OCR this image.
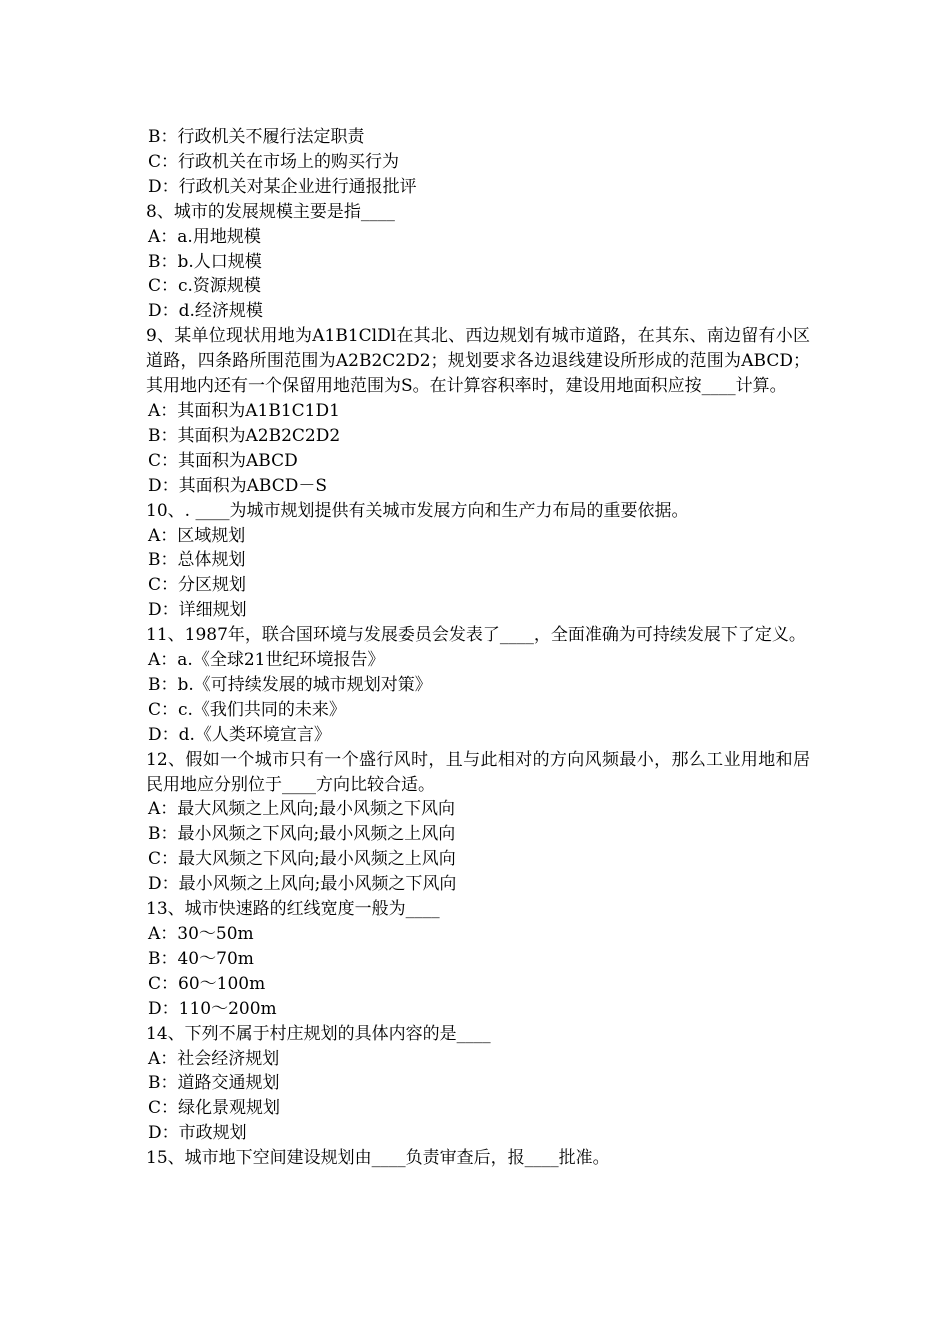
B：行政机关不履行法定职责
C：行政机关在市场上的购买行为
D：行政机关对某企业进行通报批评
8、城市的发展规模主要是指____
A：a.用地规模
B：b.人口规模
C：c.资源规模
D：d.经济规模
9、某单位现状用地为A1B1ClDl在其北、西边规划有城市道路，在其东、南边留有小区道路，四条路所围范围为A2B2C2D2；规划要求各边退线建设所形成的范围为ABCD；其用地内还有一个保留用地范围为S。在计算容积率时，建设用地面积应按____计算。
A：其面积为A1B1C1D1
B：其面积为A2B2C2D2
C：其面积为ABCD
D：其面积为ABCD－S
10、. ____为城市规划提供有关城市发展方向和生产力布局的重要依据。
A：区域规划
B：总体规划
C：分区规划
D：详细规划
11、1987年，联合国环境与发展委员会发表了____，全面准确为可持续发展下了定义。
A：a.《全球21世纪环境报告》
B：b.《可持续发展的城市规划对策》
C：c.《我们共同的未来》
D：d.《人类环境宣言》
12、假如一个城市只有一个盛行风时，且与此相对的方向风频最小，那么工业用地和居民用地应分别位于____方向比较合适。
A：最大风频之上风向;最小风频之下风向
B：最小风频之下风向;最小风频之上风向
C：最大风频之下风向;最小风频之上风向
D：最小风频之上风向;最小风频之下风向
13、城市快速路的红线宽度一般为____
A：30～50m
B：40～70m
C：60～100m
D：110～200m
14、下列不属于村庄规划的具体内容的是____
A：社会经济规划
B：道路交通规划
C：绿化景观规划
D：市政规划
15、城市地下空间建设规划由____负责审查后，报____批准。
